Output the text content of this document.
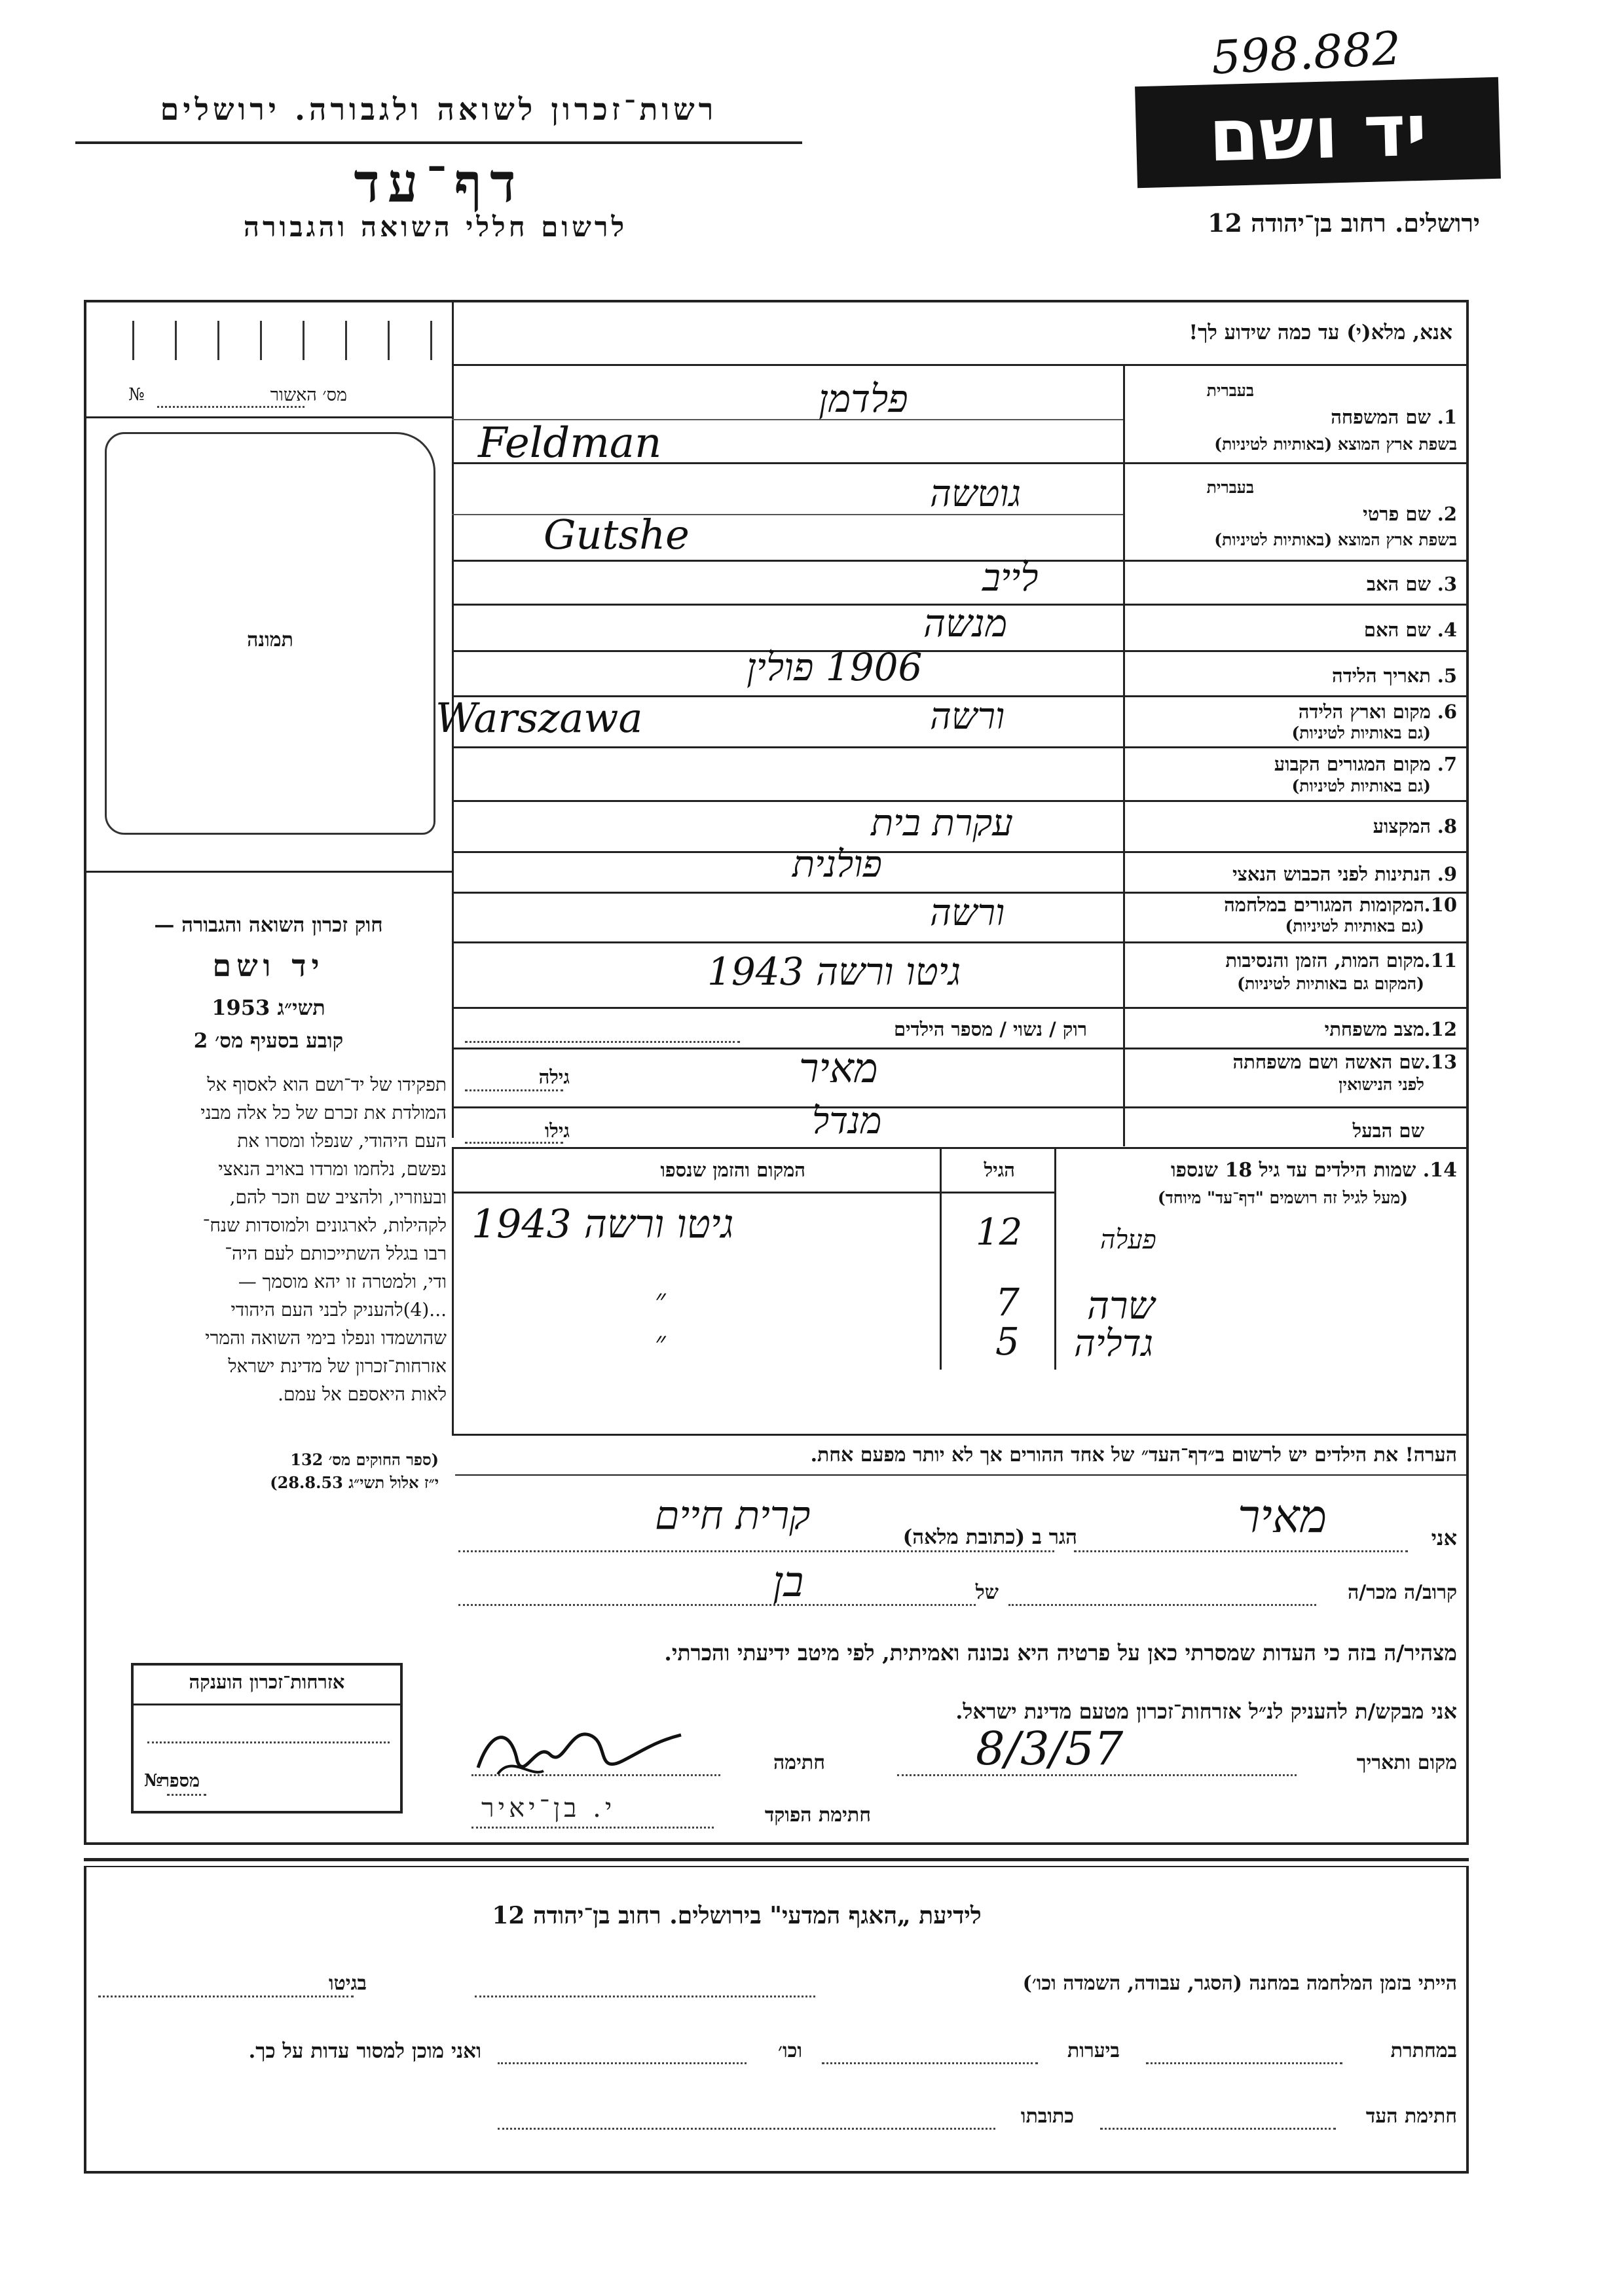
598.882
יד ושם
ירושלים. רחוב בן־יהודה 12
רשות־זכרון לשואה ולגבורה. ירושלים
דף־עד
לרשום חללי השואה והגבורה
אנא, מלא(י) עד כמה שידוע לך!
מס׳ האשור
№
תמונה
חוק זכרון השואה והגבורה —
יד ושם
תשי״ג 1953
קובע בסעיף מס׳ 2
תפקידו של יד־ושם הוא לאסוף אל
המולדת את זכרם של כל אלה מבני
העם היהודי, שנפלו ומסרו את
נפשם, נלחמו ומרדו באויב הנאצי
ובעוזריו, ולהציב שם וזכר להם,
לקהילות, לארגונים ולמוסדות שנח־
רבו בגלל השתייכותם לעם היה־
ודי, ולמטרה זו יהא מוסמך —
...(4)להעניק לבני העם היהודי
שהושמדו ונפלו בימי השואה והמרי
אזרחות־זכרון של מדינת ישראל
לאות היאספם אל עמם.
(ספר החוקים מס׳ 132
י״ז אלול תשי״ג 28.8.53)
1.
שם המשפחה
בעברית
בשפת ארץ המוצא (באותיות לטיניות)
פלדמן
Feldman
2.
שם פרטי
בעברית
בשפת ארץ המוצא (באותיות לטיניות)
גוטשה
Gutshe
3.
שם האב
לייב
4.
שם האם
מנשה
5.
תאריך הלידה
1906 פולין
6.
מקום וארץ הלידה
(גם באותיות לטיניות)
ורשה
Warszawa
7.
מקום המגורים הקבוע
(גם באותיות לטיניות)
8.
המקצוע
עקרת בית
9.
הנתינות לפני הכבוש הנאצי
פולנית
10.
המקומות המגורים במלחמה
(גם באותיות לטיניות)
ורשה
11.
מקום המות, הזמן והנסיבות
(המקום גם באותיות לטיניות)
גיטו ורשה 1943
12.
מצב משפחתי
רוק / נשוי / מספר הילדים
13.
שם האשה ושם משפחתה
לפני הנישואין
גילה	מאיר
שם הבעל
גילו	מנדל
14. שמות הילדים עד גיל 18 שנספו
(מעל לגיל זה רושמים "דף־עד" מיוחד)
הגיל
המקום והזמן שנספו
פעלה
12
גיטו ורשה 1943
שרה
7
״
גדליה
5
״
הערה! את הילדים יש לרשום ב״דף־העד״ של אחד ההורים אך לא יותר מפעם אחת.
אני
מאיר
הגר ב (כתובת מלאה)
קרית חיים
קרוב/ה מכר/ה
של
בן
מצהיר/ה בזה כי העדות שמסרתי כאן על פרטיה היא נכונה ואמיתית, לפי מיטב ידיעתי והכרתי.
אני מבקש/ת להעניק לנ״ל אזרחות־זכרון מטעם מדינת ישראל.
מקום ותאריך
8/3/57
חתימה
חתימת הפוקד
י. בן־יאיר
אזרחות־זכרון הוענקה
מספר
№
לידיעת „האגף המדעי" בירושלים. רחוב בן־יהודה 12
הייתי בזמן המלחמה במחנה (הסגר, עבודה, השמדה וכו׳)
בגיטו
במחתרת
ביערות
וכו׳
ואני מוכן למסור עדות על כך.
חתימת העד
כתובתו
